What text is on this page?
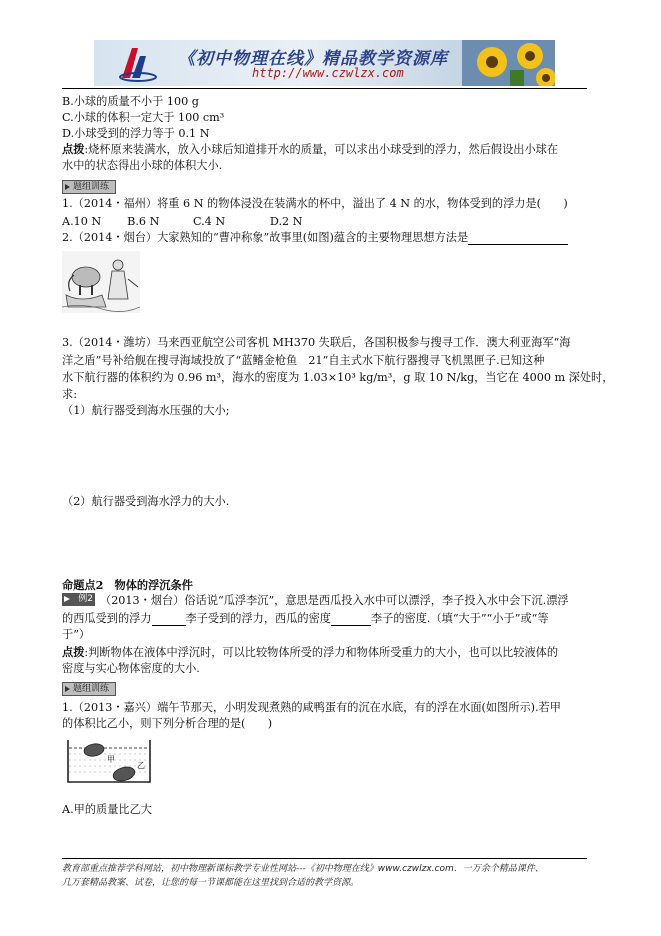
《初中物理在线》精品教学资源库
http://www.czwlzx.com
B.小球的质量不小于 100 g
C.小球的体积一定大于 100 cm³
D.小球受到的浮力等于 0.1 N
点拨:烧杯原来装满水，放入小球后知道排开水的质量，可以求出小球受到的浮力，然后假设出小球在
水中的状态得出小球的体积大小.
题组训练
1.（2014・福州）将重 6 N 的物体浸没在装满水的杯中，溢出了 4 N 的水，物体受到的浮力是(　　)
A.10 N　　 B.6 N　　　C.4 N　　　　D.2 N
2.（2014・烟台）大家熟知的“曹冲称象”故事里(如图)蕴含的主要物理思想方法是
3.（2014・潍坊）马来西亚航空公司客机 MH370 失联后，各国积极参与搜寻工作．澳大利亚海军“海
洋之盾”号补给舰在搜寻海域投放了“蓝鳍金枪鱼　21”自主式水下航行器搜寻飞机黑匣子.已知这种
水下航行器的体积约为 0.96 m³，海水的密度为 1.03×10³ kg/m³，g 取 10 N/kg，当它在 4000 m 深处时，
求:
（1）航行器受到海水压强的大小;
（2）航行器受到海水浮力的大小.
命题点2　物体的浮沉条件
例2 （2013・烟台）俗话说“瓜浮李沉”，意思是西瓜投入水中可以漂浮，李子投入水中会下沉.漂浮
的西瓜受到的浮力	李子受到的浮力，西瓜的密度	李子的密度.（填“大于”“小于”或“等
于”）
点拨:判断物体在液体中浮沉时，可以比较物体所受的浮力和物体所受重力的大小，也可以比较液体的
密度与实心物体密度的大小.
题组训练
1.（2013・嘉兴）端午节那天，小明发现煮熟的咸鸭蛋有的沉在水底，有的浮在水面(如图所示).若甲
的体积比乙小，则下列分析合理的是(　　)
甲
乙
A.甲的质量比乙大
教育部重点推荐学科网站，初中物理新课标教学专业性网站---《初中物理在线》www.czwlzx.com．一万余个精品课件、
几万套精品教案、试卷，让您的每一节课都能在这里找到合适的教学资源。
